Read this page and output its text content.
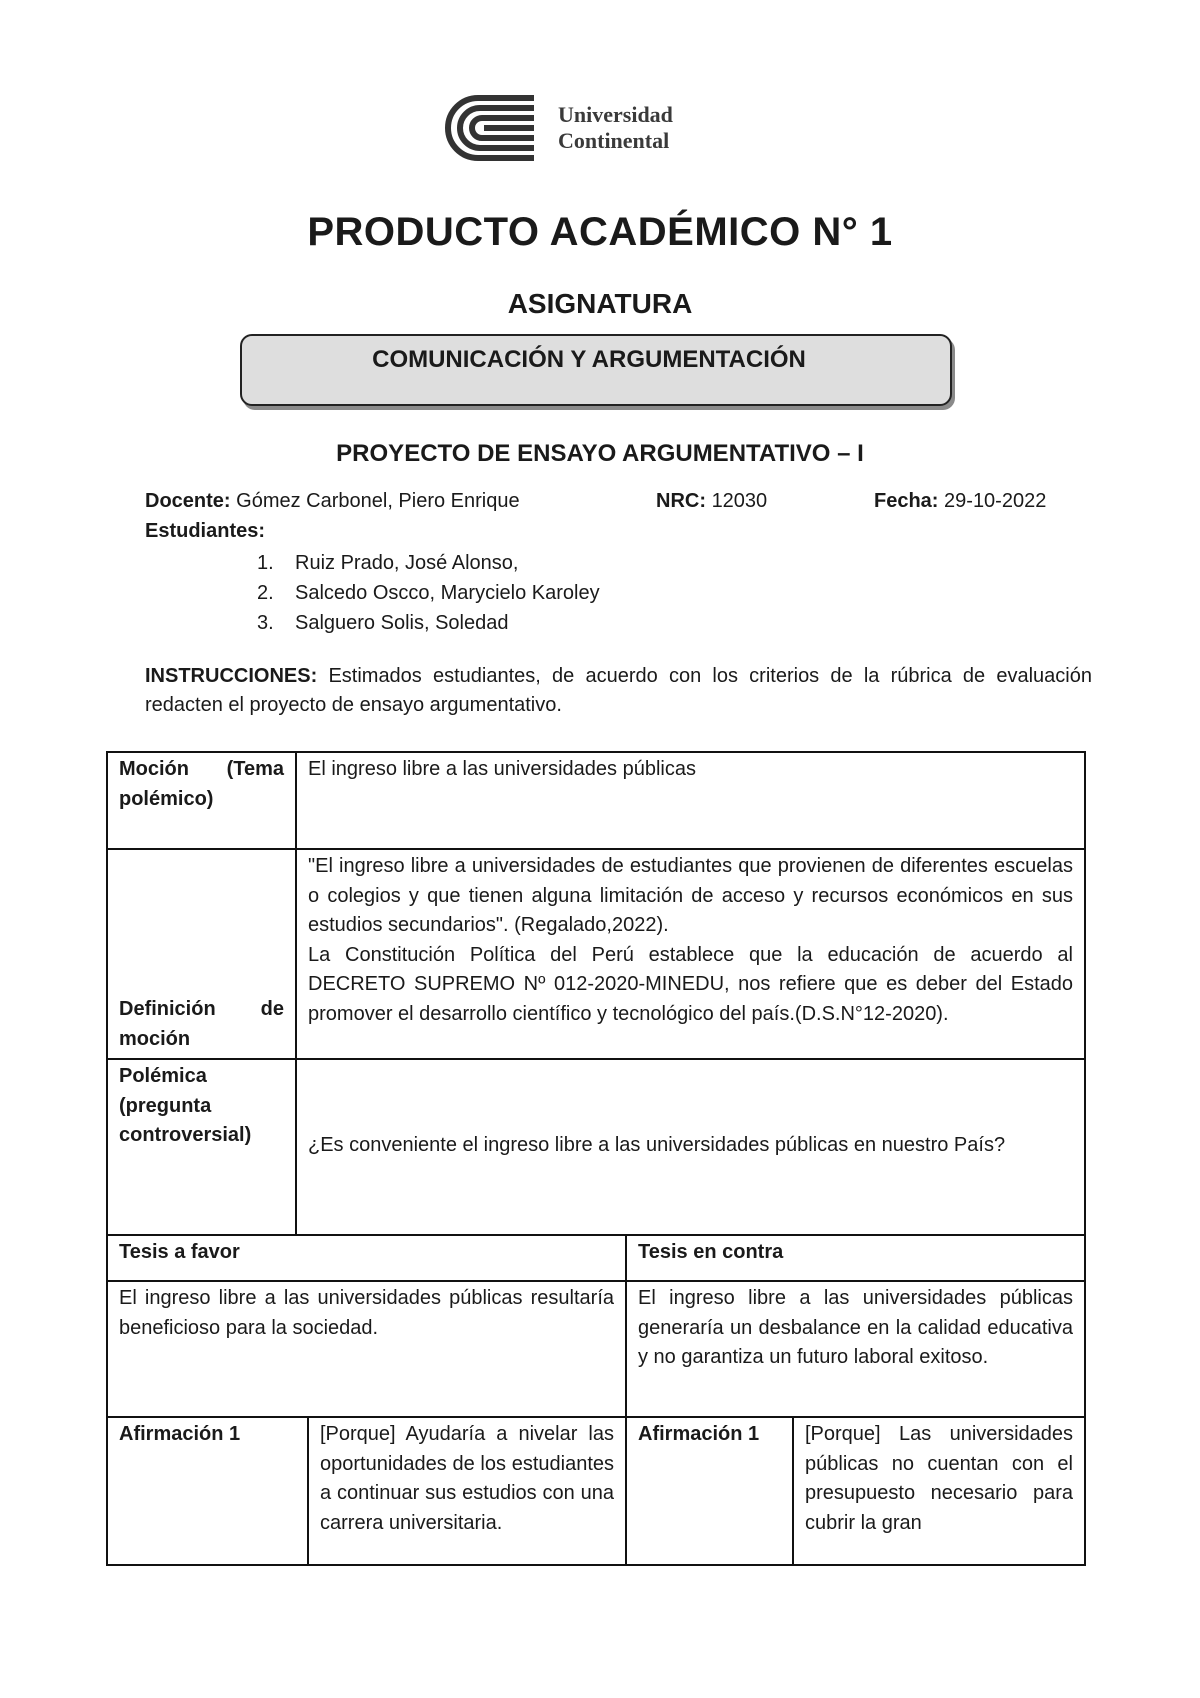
Universidad
Continental
PRODUCTO ACADÉMICO N° 1
ASIGNATURA
COMUNICACIÓN Y ARGUMENTACIÓN
PROYECTO DE ENSAYO ARGUMENTATIVO – I
Docente: Gómez Carbonel, Piero Enrique	NRC: 12030	Fecha: 29-10-2022
Estudiantes:
1. Ruiz Prado, José Alonso,
2. Salcedo Oscco, Marycielo Karoley
3. Salguero Solis, Soledad
INSTRUCCIONES: Estimados estudiantes, de acuerdo con los criterios de la rúbrica de evaluación redacten el proyecto de ensayo argumentativo.
Moción (Tema polémico)	El ingreso libre a las universidades públicas			
Definición de moción	"El ingreso libre a universidades de estudiantes que provienen de diferentes escuelas o colegios y que tienen alguna limitación de acceso y recursos económicos en sus estudios secundarios". (Regalado,2022).
La Constitución Política del Perú establece que la educación de acuerdo al DECRETO SUPREMO Nº 012-2020-MINEDU, nos refiere que es deber del Estado promover el desarrollo científico y tecnológico del país.(D.S.N°12-2020).			

Polémica (pregunta controversial)	¿Es conveniente el ingreso libre a las universidades públicas en nuestro País?			
Tesis a favor			Tesis en contra	
El ingreso libre a las universidades públicas resultaría beneficioso para la sociedad.			El ingreso libre a las universidades públicas generaría un desbalance en la calidad educativa y no garantiza un futuro laboral exitoso.	
Afirmación 1		[Porque] Ayudaría a nivelar las oportunidades de los estudiantes a continuar sus estudios con una carrera universitaria.	Afirmación 1	[Porque] Las universidades públicas no cuentan con el presupuesto necesario para cubrir la gran
